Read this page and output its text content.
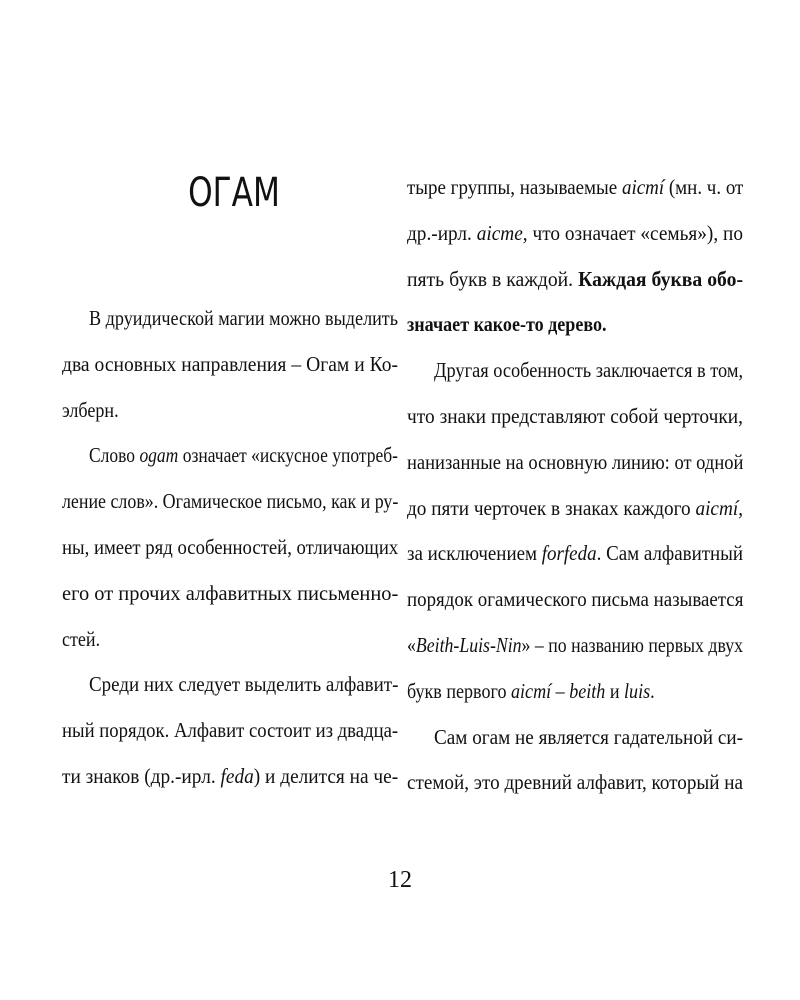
ОГАМ
В друидической магии можно выделить
два основных направления – Огам и Ко-
элберн.
Слово ogam означает «искусное употреб-
ление слов». Огамическое письмо, как и ру-
ны, имеет ряд особенностей, отличающих
его от прочих алфавитных письменно-
стей.
Среди них следует выделить алфавит-
ный порядок. Алфавит состоит из двадца-
ти знаков (др.-ирл. feda) и делится на че-
тыре группы, называемые aicmí (мн. ч. от
др.-ирл. aicme, что означает «семья»), по
пять букв в каждой. Каждая буква обо-
значает какое-то дерево.
Другая особенность заключается в том,
что знаки представляют собой черточки,
нанизанные на основную линию: от одной
до пяти черточек в знаках каждого aicmí,
за исключением forfeda. Сам алфавитный
порядок огамического письма называется
«Beith-Luis-Nin» – по названию первых двух
букв первого aicmí – beith и luis.
Сам огам не является гадательной си-
стемой, это древний алфавит, который на
12
